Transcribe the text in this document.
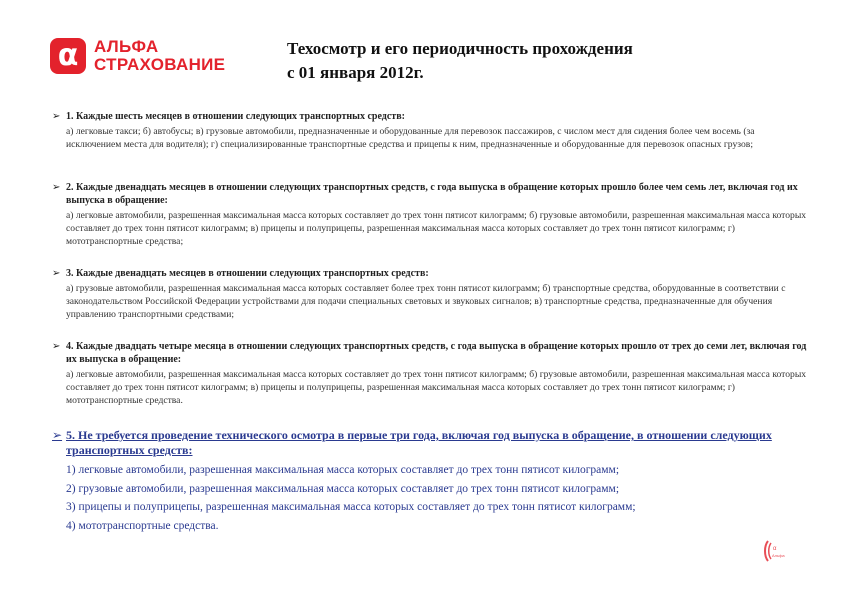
α АЛЬФА
СТРАХОВАНИЕ
Техосмотр и его периодичность прохождения
с 01 января 2012г.
➢ 1. Каждые шесть месяцев в отношении следующих транспортных средств:
а) легковые такси; б) автобусы; в) грузовые автомобили, предназначенные и оборудованные для перевозок пассажиров, с числом мест для сидения более чем восемь (за исключением места для водителя); г) специализированные транспортные средства и прицепы к ним, предназначенные и оборудованные для перевозок опасных грузов;
➢ 2. Каждые двенадцать месяцев в отношении следующих транспортных средств, с года выпуска в обращение которых прошло более чем семь лет, включая год их выпуска в обращение:
а) легковые автомобили, разрешенная максимальная масса которых составляет до трех тонн пятисот килограмм; б) грузовые автомобили, разрешенная максимальная масса которых составляет до трех тонн пятисот килограмм; в) прицепы и полуприцепы, разрешенная максимальная масса которых составляет до трех тонн пятисот килограмм; г) мототранспортные средства;
➢ 3. Каждые двенадцать месяцев в отношении следующих транспортных средств:
а) грузовые автомобили, разрешенная максимальная масса которых составляет более трех тонн пятисот килограмм; б) транспортные средства, оборудованные в соответствии с законодательством Российской Федерации устройствами для подачи специальных световых и звуковых сигналов; в) транспортные средства, предназначенные для обучения управлению транспортными средствами;
➢ 4. Каждые двадцать четыре месяца в отношении следующих транспортных средств, с года выпуска в обращение которых прошло от трех до семи лет, включая год их выпуска в обращение:
а) легковые автомобили, разрешенная максимальная масса которых составляет до трех тонн пятисот килограмм; б) грузовые автомобили, разрешенная максимальная масса которых составляет до трех тонн пятисот килограмм; в) прицепы и полуприцепы, разрешенная максимальная масса которых составляет до трех тонн пятисот килограмм; г) мототранспортные средства.
➢ 5. Не требуется проведение технического осмотра в первые три года, включая год выпуска в обращение, в отношении следующих транспортных средств:
1) легковые автомобили, разрешенная максимальная масса которых составляет до трех тонн пятисот килограмм;
2) грузовые автомобили, разрешенная максимальная масса которых составляет до трех тонн пятисот килограмм;
3) прицепы и полуприцепы, разрешенная максимальная масса которых составляет до трех тонн пятисот килограмм;
4) мототранспортные средства.
α
Альфа
